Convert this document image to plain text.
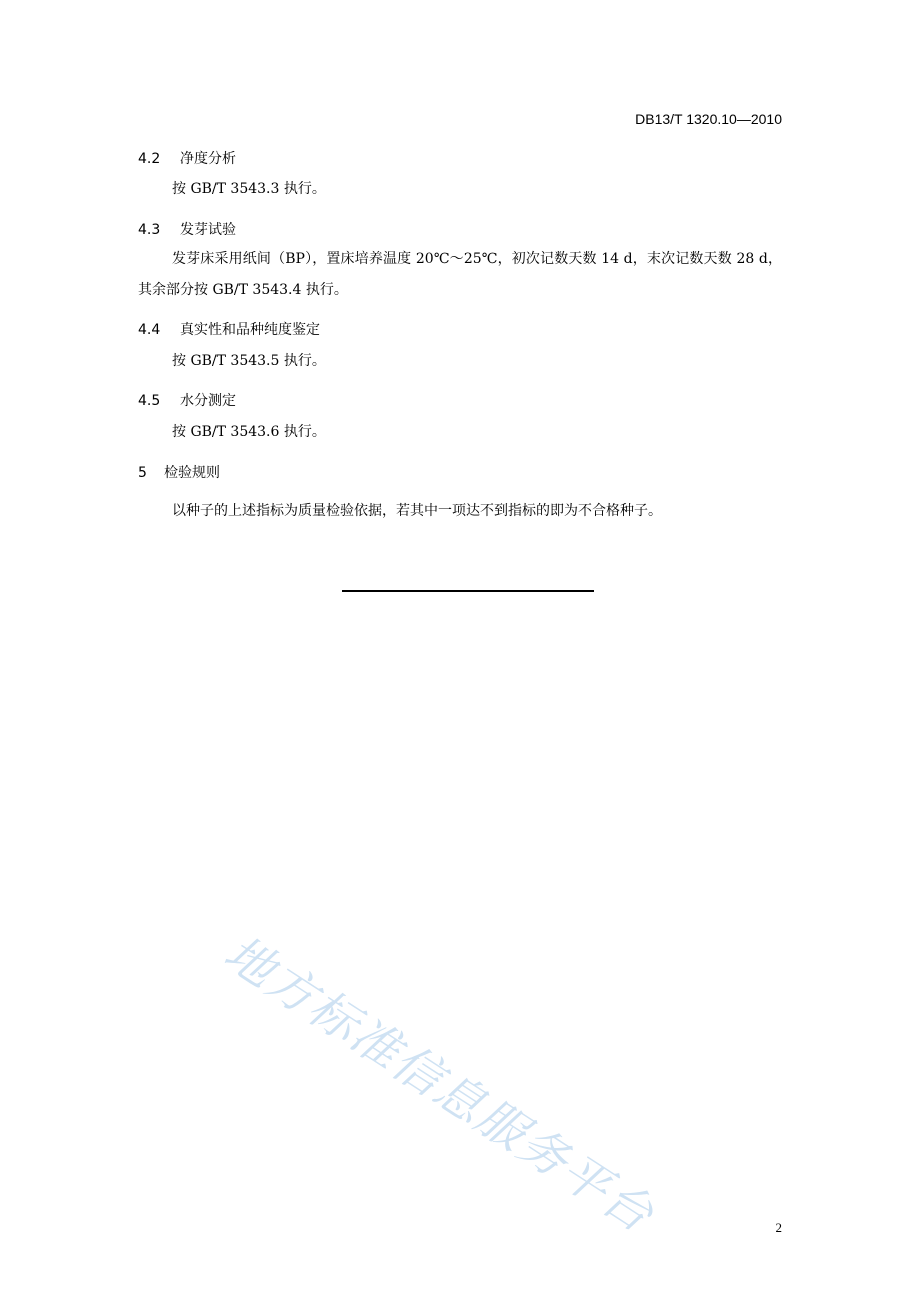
DB13/T 1320.10—2010
4.2 净度分析
按 GB/T 3543.3 执行。
4.3 发芽试验
发芽床采用纸间（BP），置床培养温度 20℃～25℃，初次记数天数 14 d，末次记数天数 28 d，其余部分按 GB/T 3543.4 执行。
4.4 真实性和品种纯度鉴定
按 GB/T 3543.5 执行。
4.5 水分测定
按 GB/T 3543.6 执行。
5 检验规则
以种子的上述指标为质量检验依据，若其中一项达不到指标的即为不合格种子。
地方标准信息服务平台	2
